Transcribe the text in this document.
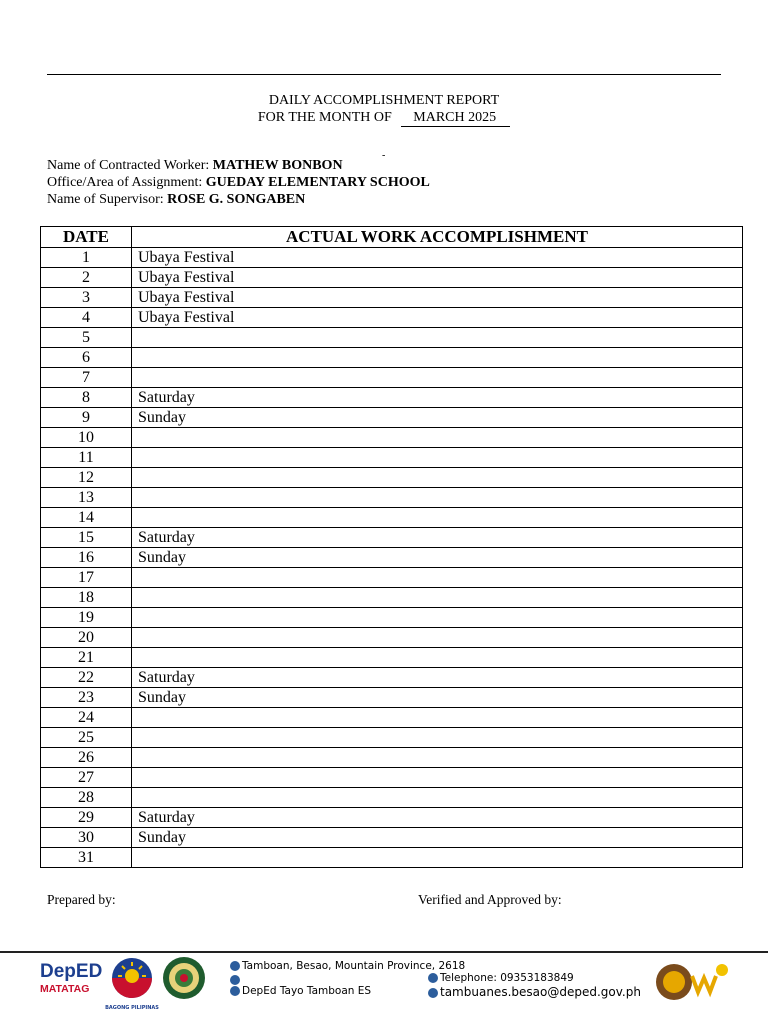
DAILY ACCOMPLISHMENT REPORT
FOR THE MONTH OF MARCH 2025
-
Name of Contracted Worker: MATHEW BONBON
Office/Area of Assignment: GUEDAY ELEMENTARY SCHOOL
Name of Supervisor: ROSE G. SONGABEN
DATE	ACTUAL WORK ACCOMPLISHMENT
1	Ubaya Festival
2	Ubaya Festival
3	Ubaya Festival
4	Ubaya Festival
5	
6	
7	
8	Saturday
9	Sunday
10	
11	
12	
13	
14	
15	Saturday
16	Sunday
17	
18	
19	
20	
21	
22	Saturday
23	Sunday
24	
25	
26	
27	
28	
29	Saturday
30	Sunday
31	
Prepared by:	Verified and Approved by:
DepED
MATATAG
BAGONG PILIPINAS
Tamboan, Besao, Mountain Province, 2618
DepEd Tayo Tamboan ES
Telephone: 09353183849
tambuanes.besao@deped.gov.ph
